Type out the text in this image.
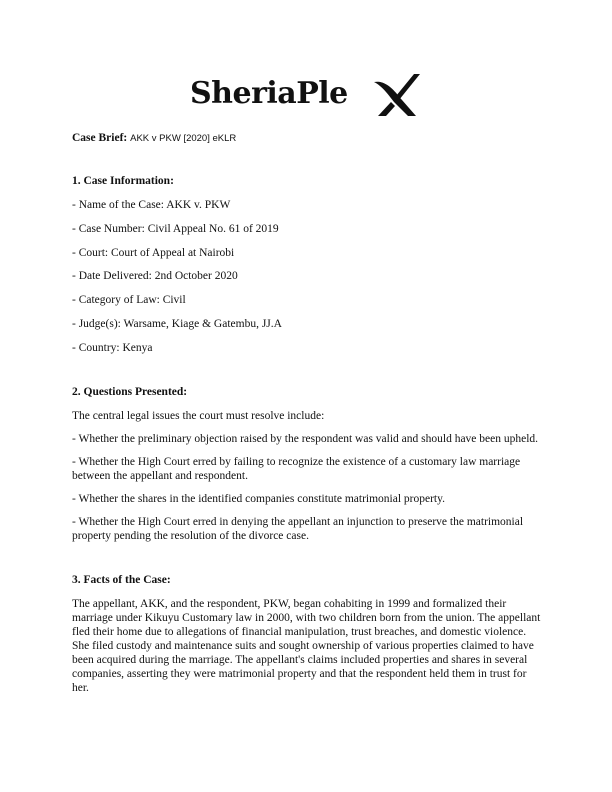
SheriaPle
Case Brief: AKK v PKW [2020] eKLR
1. Case Information:
- Name of the Case: AKK v. PKW
- Case Number: Civil Appeal No. 61 of 2019
- Court: Court of Appeal at Nairobi
- Date Delivered: 2nd October 2020
- Category of Law: Civil
- Judge(s): Warsame, Kiage & Gatembu, JJ.A
- Country: Kenya
2. Questions Presented:
The central legal issues the court must resolve include:
- Whether the preliminary objection raised by the respondent was valid and should have been upheld.
- Whether the High Court erred by failing to recognize the existence of a customary law marriage between the appellant and respondent.
- Whether the shares in the identified companies constitute matrimonial property.
- Whether the High Court erred in denying the appellant an injunction to preserve the matrimonial property pending the resolution of the divorce case.
3. Facts of the Case:
The appellant, AKK, and the respondent, PKW, began cohabiting in 1999 and formalized their marriage under Kikuyu Customary law in 2000, with two children born from the union. The appellant fled their home due to allegations of financial manipulation, trust breaches, and domestic violence. She filed custody and maintenance suits and sought ownership of various properties claimed to have been acquired during the marriage. The appellant's claims included properties and shares in several companies, asserting they were matrimonial property and that the respondent held them in trust for her.
